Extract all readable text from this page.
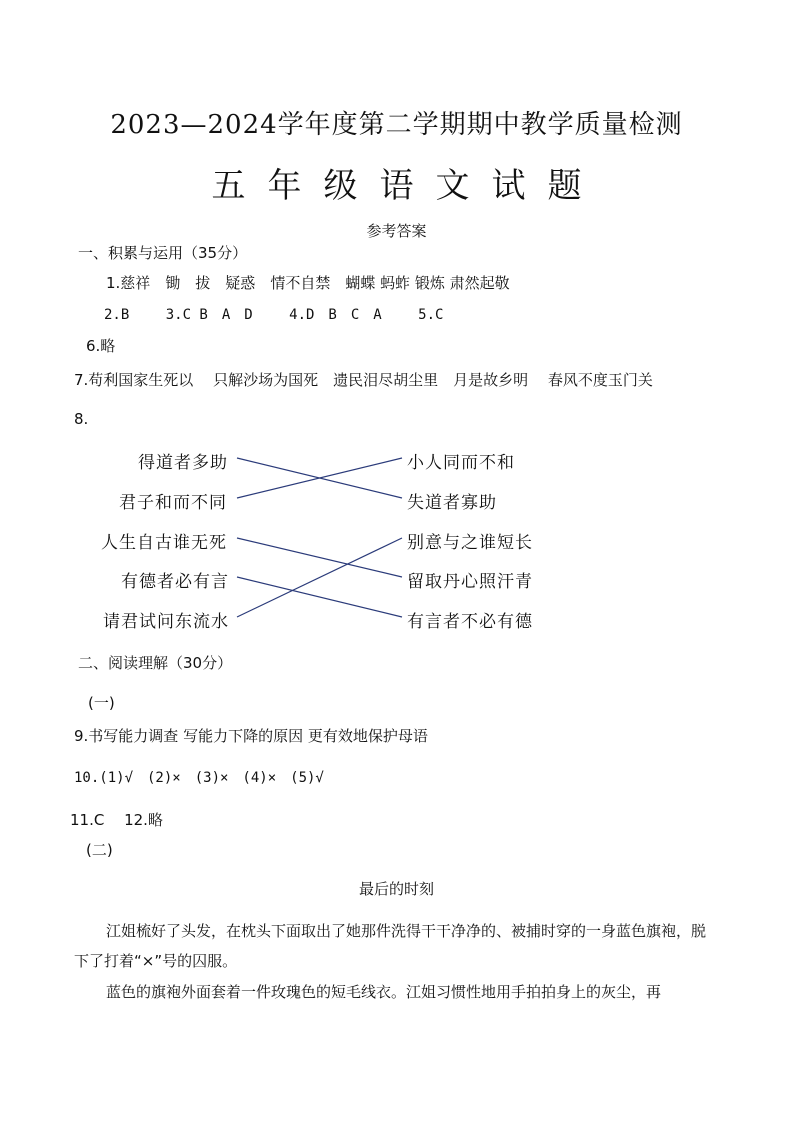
2023—2024学年度第二学期期中教学质量检测
五年级语文试题
参考答案
一、积累与运用（35分）
1.慈祥　锄　拔　疑惑　情不自禁　蝴蝶 蚂蚱 锻炼 肃然起敬
2.B　　 3.C B　A　D　　 4.D　B　C　A　　 5.C
6.略
7.苟利国家生死以　 只解沙场为国死　遗民泪尽胡尘里　月是故乡明　 春风不度玉门关
8.
得道者多助
君子和而不同
人生自古谁无死
有德者必有言
请君试问东流水
小人同而不和
失道者寡助
别意与之谁短长
留取丹心照汗青
有言者不必有德
二、阅读理解（30分）
(一)
9.书写能力调查 写能力下降的原因 更有效地保护母语
10.(1)√　(2)×　(3)×　(4)×　(5)√
11.C　 12.略
(二)
最后的时刻
江姐梳好了头发，在枕头下面取出了她那件洗得干干净净的、被捕时穿的一身蓝色旗袍，脱下了打着“×”号的囚服。
蓝色的旗袍外面套着一件玫瑰色的短毛线衣。江姐习惯性地用手拍拍身上的灰尘，再
